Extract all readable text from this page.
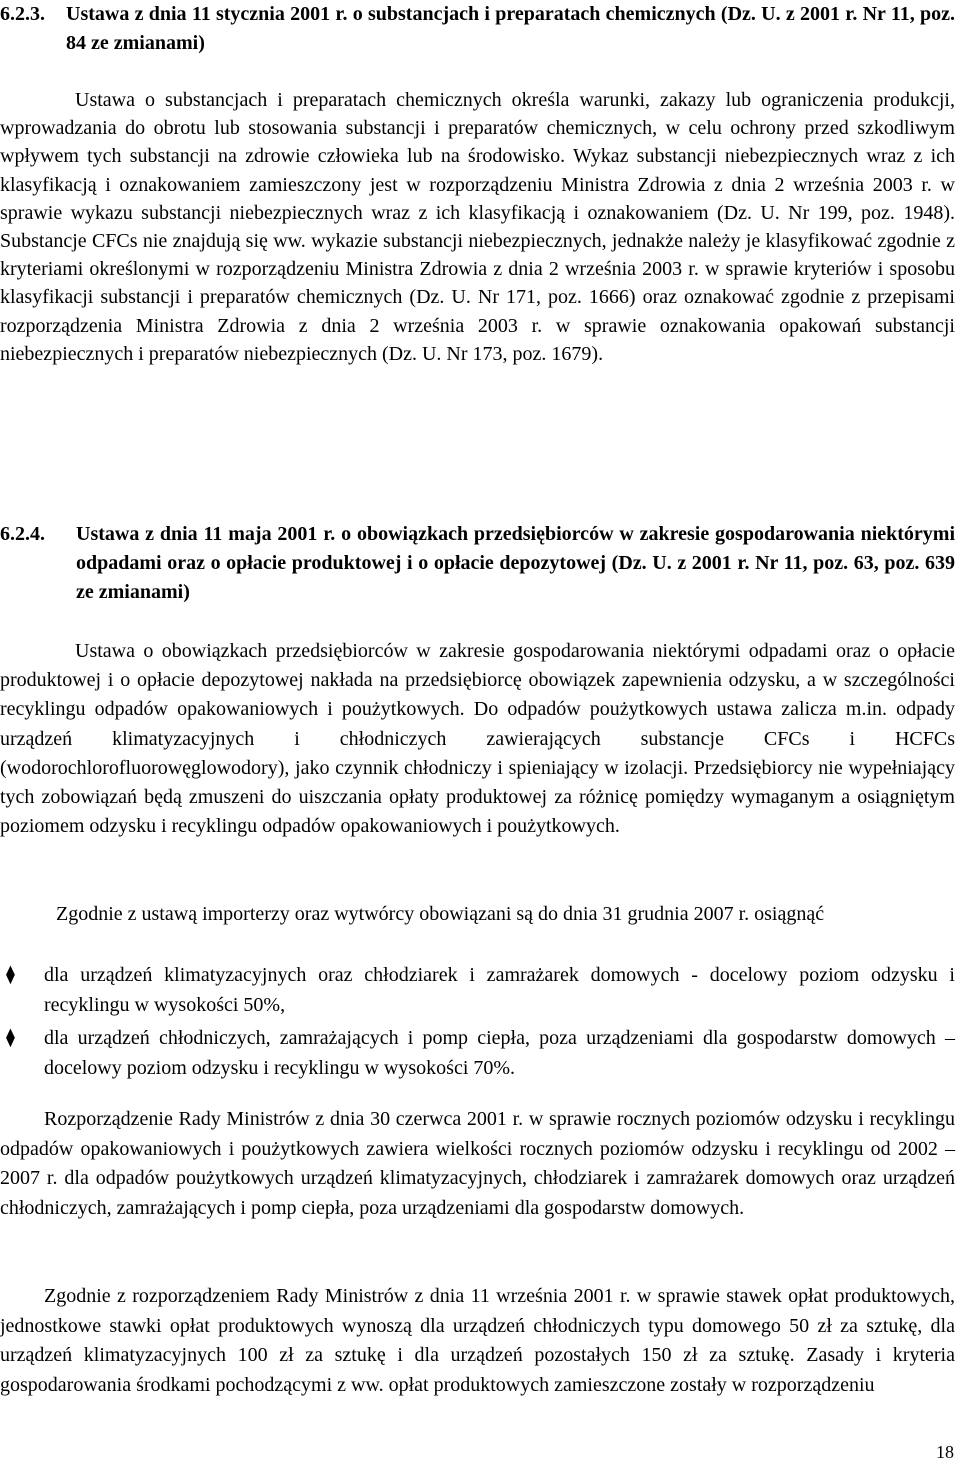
6.2.3.	Ustawa z dnia 11 stycznia 2001 r. o substancjach i preparatach chemicznych (Dz. U. z 2001 r. Nr 11, poz. 84 ze zmianami)

Ustawa o substancjach i preparatach chemicznych określa warunki, zakazy lub ograniczenia produkcji, wprowadzania do obrotu lub stosowania substancji i preparatów chemicznych, w celu ochrony przed szkodliwym wpływem tych substancji na zdrowie człowieka lub na środowisko. Wykaz substancji niebezpiecznych wraz z ich klasyfikacją i oznakowaniem zamieszczony jest w rozporządzeniu Ministra Zdrowia z dnia 2 września 2003 r. w sprawie wykazu substancji niebezpiecznych wraz z ich klasyfikacją i oznakowaniem (Dz. U. Nr 199, poz. 1948). Substancje CFCs nie znajdują się ww. wykazie substancji niebezpiecznych, jednakże należy je klasyfikować zgodnie z kryteriami określonymi w rozporządzeniu Ministra Zdrowia z dnia 2 września 2003 r. w sprawie kryteriów i sposobu klasyfikacji substancji i preparatów chemicznych (Dz. U. Nr 171, poz. 1666) oraz oznakować zgodnie z przepisami rozporządzenia Ministra Zdrowia z dnia 2 września 2003 r. w sprawie oznakowania opakowań substancji niebezpiecznych i preparatów niebezpiecznych (Dz. U. Nr 173, poz. 1679).

6.2.4.	Ustawa z dnia 11 maja 2001 r. o obowiązkach przedsiębiorców w zakresie gospodarowania niektórymi odpadami oraz o opłacie produktowej i o opłacie depozytowej (Dz. U. z 2001 r. Nr 11, poz. 63, poz. 639 ze zmianami)

Ustawa o obowiązkach przedsiębiorców w zakresie gospodarowania niektórymi odpadami oraz o opłacie produktowej i o opłacie depozytowej nakłada na przedsiębiorcę obowiązek zapewnienia odzysku, a w szczególności recyklingu odpadów opakowaniowych i poużytkowych. Do odpadów poużytkowych ustawa zalicza m.in. odpady urządzeń klimatyzacyjnych i chłodniczych zawierających substancje CFCs i HCFCs (wodorochlorofluorowęglowodory), jako czynnik chłodniczy i spieniający w izolacji. Przedsiębiorcy nie wypełniający tych zobowiązań będą zmuszeni do uiszczania opłaty produktowej za różnicę pomiędzy wymaganym a osiągniętym poziomem odzysku i recyklingu odpadów opakowaniowych i poużytkowych.

Zgodnie z ustawą importerzy oraz wytwórcy obowiązani są do dnia 31 grudnia 2007 r. osiągnąć

⧫ dla urządzeń klimatyzacyjnych oraz chłodziarek i zamrażarek domowych - docelowy poziom odzysku i recyklingu w wysokości 50%,
⧫ dla urządzeń chłodniczych, zamrażających i pomp ciepła, poza urządzeniami dla gospodarstw domowych – docelowy poziom odzysku i recyklingu w wysokości 70%.

Rozporządzenie Rady Ministrów z dnia 30 czerwca 2001 r. w sprawie rocznych poziomów odzysku i recyklingu odpadów opakowaniowych i poużytkowych zawiera wielkości rocznych poziomów odzysku i recyklingu od 2002 – 2007 r. dla odpadów poużytkowych urządzeń klimatyzacyjnych, chłodziarek i zamrażarek domowych oraz urządzeń chłodniczych, zamrażających i pomp ciepła, poza urządzeniami dla gospodarstw domowych.

Zgodnie z rozporządzeniem Rady Ministrów z dnia 11 września 2001 r. w sprawie stawek opłat produktowych, jednostkowe stawki opłat produktowych wynoszą dla urządzeń chłodniczych typu domowego 50 zł za sztukę, dla urządzeń klimatyzacyjnych 100 zł za sztukę i dla urządzeń pozostałych 150 zł za sztukę. Zasady i kryteria gospodarowania środkami pochodzącymi z ww. opłat produktowych zamieszczone zostały w rozporządzeniu

18
